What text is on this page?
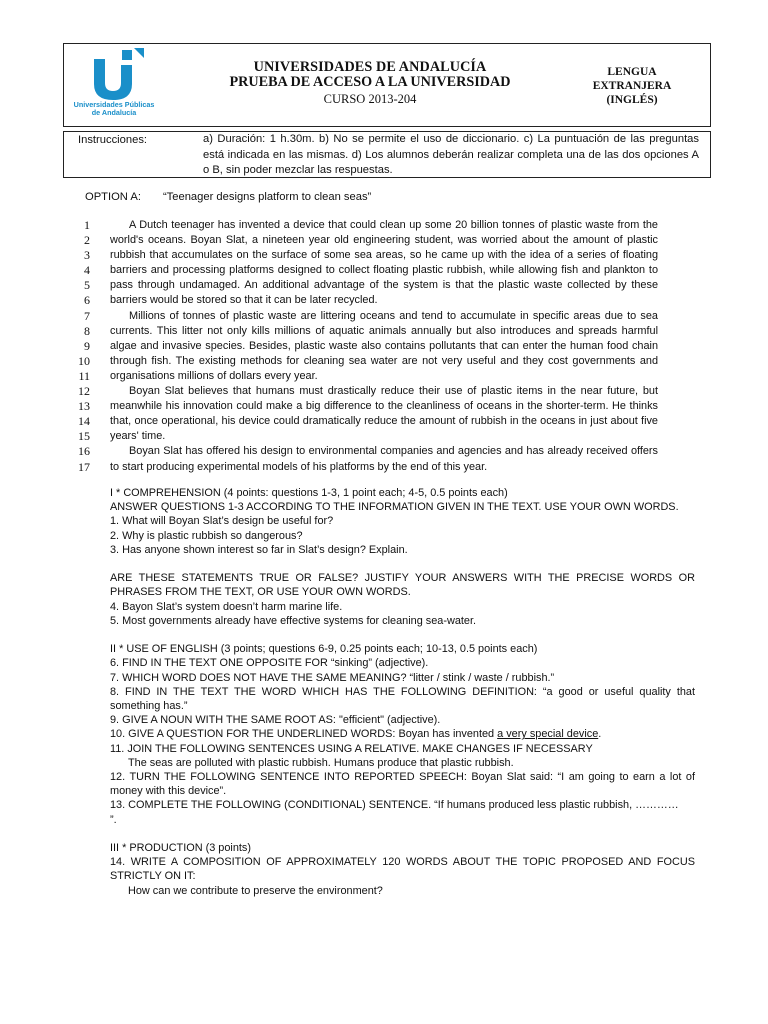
Universidades Públicas
de Andalucía
UNIVERSIDADES DE ANDALUCÍA
PRUEBA DE ACCESO A LA UNIVERSIDAD
CURSO 2013-204
LENGUA
EXTRANJERA
(INGLÉS)
Instrucciones:	a) Duración: 1 h.30m. b) No se permite el uso de diccionario. c) La puntuación de las preguntas está indicada en las mismas. d) Los alumnos deberán realizar completa una de las dos opciones A o B, sin poder mezclar las respuestas.
OPTION A: “Teenager designs platform to clean seas”
1
2
3
4
5
6
7
8
9
10
11
12
13
14
15
16
17

A Dutch teenager has invented a device that could clean up some 20 billion tonnes of plastic waste from the world's oceans. Boyan Slat, a nineteen year old engineering student, was worried about the amount of plastic rubbish that accumulates on the surface of some sea areas, so he came up with the idea of a series of floating barriers and processing platforms designed to collect floating plastic rubbish, while allowing fish and plankton to pass through undamaged. An additional advantage of the system is that the plastic waste collected by these barriers would be stored so that it can be later recycled.

Millions of tonnes of plastic waste are littering oceans and tend to accumulate in specific areas due to sea currents. This litter not only kills millions of aquatic animals annually but also introduces and spreads harmful algae and invasive species. Besides, plastic waste also contains pollutants that can enter the human food chain through fish. The existing methods for cleaning sea water are not very useful and they cost governments and organisations millions of dollars every year.

Boyan Slat believes that humans must drastically reduce their use of plastic items in the near future, but meanwhile his innovation could make a big difference to the cleanliness of oceans in the shorter-term. He thinks that, once operational, his device could dramatically reduce the amount of rubbish in the oceans in just about five years' time.

Boyan Slat has offered his design to environmental companies and agencies and has already received offers to start producing experimental models of his platforms by the end of this year.

I * COMPREHENSION (4 points: questions 1-3, 1 point each; 4-5, 0.5 points each)
ANSWER QUESTIONS 1-3 ACCORDING TO THE INFORMATION GIVEN IN THE TEXT. USE YOUR OWN WORDS.
1. What will Boyan Slat’s design be useful for?
2. Why is plastic rubbish so dangerous?
3. Has anyone shown interest so far in Slat’s design? Explain.
ARE THESE STATEMENTS TRUE OR FALSE? JUSTIFY YOUR ANSWERS WITH THE PRECISE WORDS OR PHRASES FROM THE TEXT, OR USE YOUR OWN WORDS.
4. Bayon Slat’s system doesn’t harm marine life.
5. Most governments already have effective systems for cleaning sea-water.
II * USE OF ENGLISH (3 points; questions 6-9, 0.25 points each; 10-13, 0.5 points each)
6. FIND IN THE TEXT ONE OPPOSITE FOR “sinking” (adjective).
7. WHICH WORD DOES NOT HAVE THE SAME MEANING? “litter / stink / waste / rubbish.”
8. FIND IN THE TEXT THE WORD WHICH HAS THE FOLLOWING DEFINITION: “a good or useful quality that something has.”
9. GIVE A NOUN WITH THE SAME ROOT AS: "efficient" (adjective).
10. GIVE A QUESTION FOR THE UNDERLINED WORDS: Boyan has invented a very special device.
11. JOIN THE FOLLOWING SENTENCES USING A RELATIVE. MAKE CHANGES IF NECESSARY
The seas are polluted with plastic rubbish. Humans produce that plastic rubbish.
12. TURN THE FOLLOWING SENTENCE INTO REPORTED SPEECH: Boyan Slat said: “I am going to earn a lot of money with this device”.
13. COMPLETE THE FOLLOWING (CONDITIONAL) SENTENCE. “If humans produced less plastic rubbish, …………
”.
III * PRODUCTION (3 points)
14. WRITE A COMPOSITION OF APPROXIMATELY 120 WORDS ABOUT THE TOPIC PROPOSED AND FOCUS STRICTLY ON IT:
How can we contribute to preserve the environment?
